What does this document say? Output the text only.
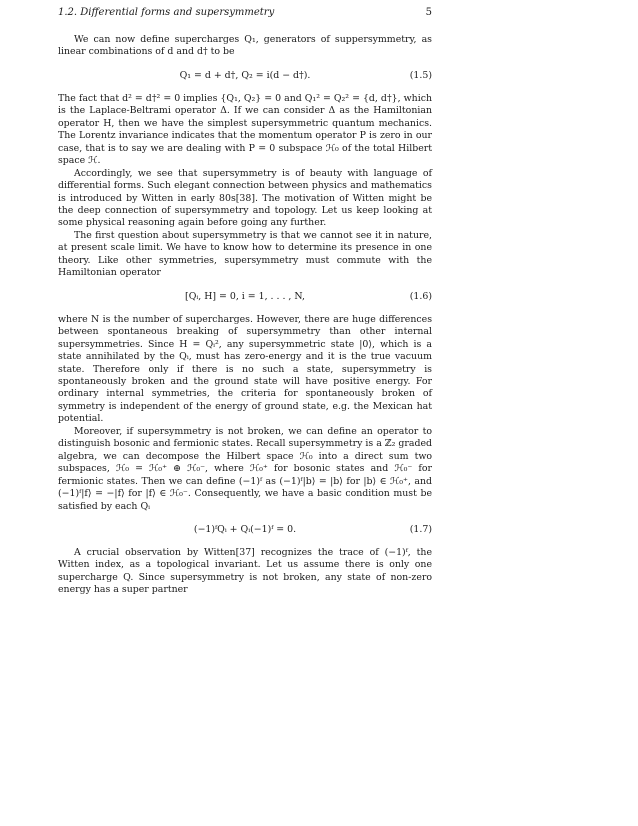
1.2. Differential forms and supersymmetry	5

We can now define supercharges Q₁, generators of suppersymmetry, as linear combinations of d and d† to be

Q₁ = d + d†, Q₂ = i(d − d†).	(1.5)

The fact that d² = d†² = 0 implies {Q₁, Q₂} = 0 and Q₁² = Q₂² = {d, d†}, which is the Laplace-Beltrami operator Δ. If we can consider Δ as the Hamiltonian operator H, then we have the simplest supersymmetric quantum mechanics. The Lorentz invariance indicates that the momentum operator P is zero in our case, that is to say we are dealing with P = 0 subspace ℋ₀ of the total Hilbert space ℋ.

Accordingly, we see that supersymmetry is of beauty with language of differential forms. Such elegant connection between physics and mathematics is introduced by Witten in early 80s[38]. The motivation of Witten might be the deep connection of supersymmetry and topology. Let us keep looking at some physical reasoning again before going any further.

The first question about supersymmetry is that we cannot see it in nature, at present scale limit. We have to know how to determine its presence in one theory. Like other symmetries, supersymmetry must commute with the Hamiltonian operator

[Qᵢ, H] = 0, i = 1, . . . , N,	(1.6)

where N is the number of supercharges. However, there are huge differences between spontaneous breaking of supersymmetry than other internal supersymmetries. Since H = Qᵢ², any supersymmetric state |0⟩, which is a state annihilated by the Qᵢ, must has zero-energy and it is the true vacuum state. Therefore only if there is no such a state, supersymmetry is spontaneously broken and the ground state will have positive energy. For ordinary internal symmetries, the criteria for spontaneously broken of symmetry is independent of the energy of ground state, e.g. the Mexican hat potential.

Moreover, if supersymmetry is not broken, we can define an operator to distinguish bosonic and fermionic states. Recall supersymmetry is a ℤ₂ graded algebra, we can decompose the Hilbert space ℋ₀ into a direct sum two subspaces, ℋ₀ = ℋ₀⁺ ⊕ ℋ₀⁻, where ℋ₀⁺ for bosonic states and ℋ₀⁻ for fermionic states. Then we can define (−1)ᶠ as (−1)ᶠ|b⟩ = |b⟩ for |b⟩ ∈ ℋ₀⁺, and (−1)ᶠ|f⟩ = −|f⟩ for |f⟩ ∈ ℋ₀⁻. Consequently, we have a basic condition must be satisfied by each Qᵢ

(−1)ᶠQᵢ + Qᵢ(−1)ᶠ = 0.	(1.7)

A crucial observation by Witten[37] recognizes the trace of (−1)ᶠ, the Witten index, as a topological invariant. Let us assume there is only one supercharge Q. Since supersymmetry is not broken, any state of non-zero energy has a super partner
